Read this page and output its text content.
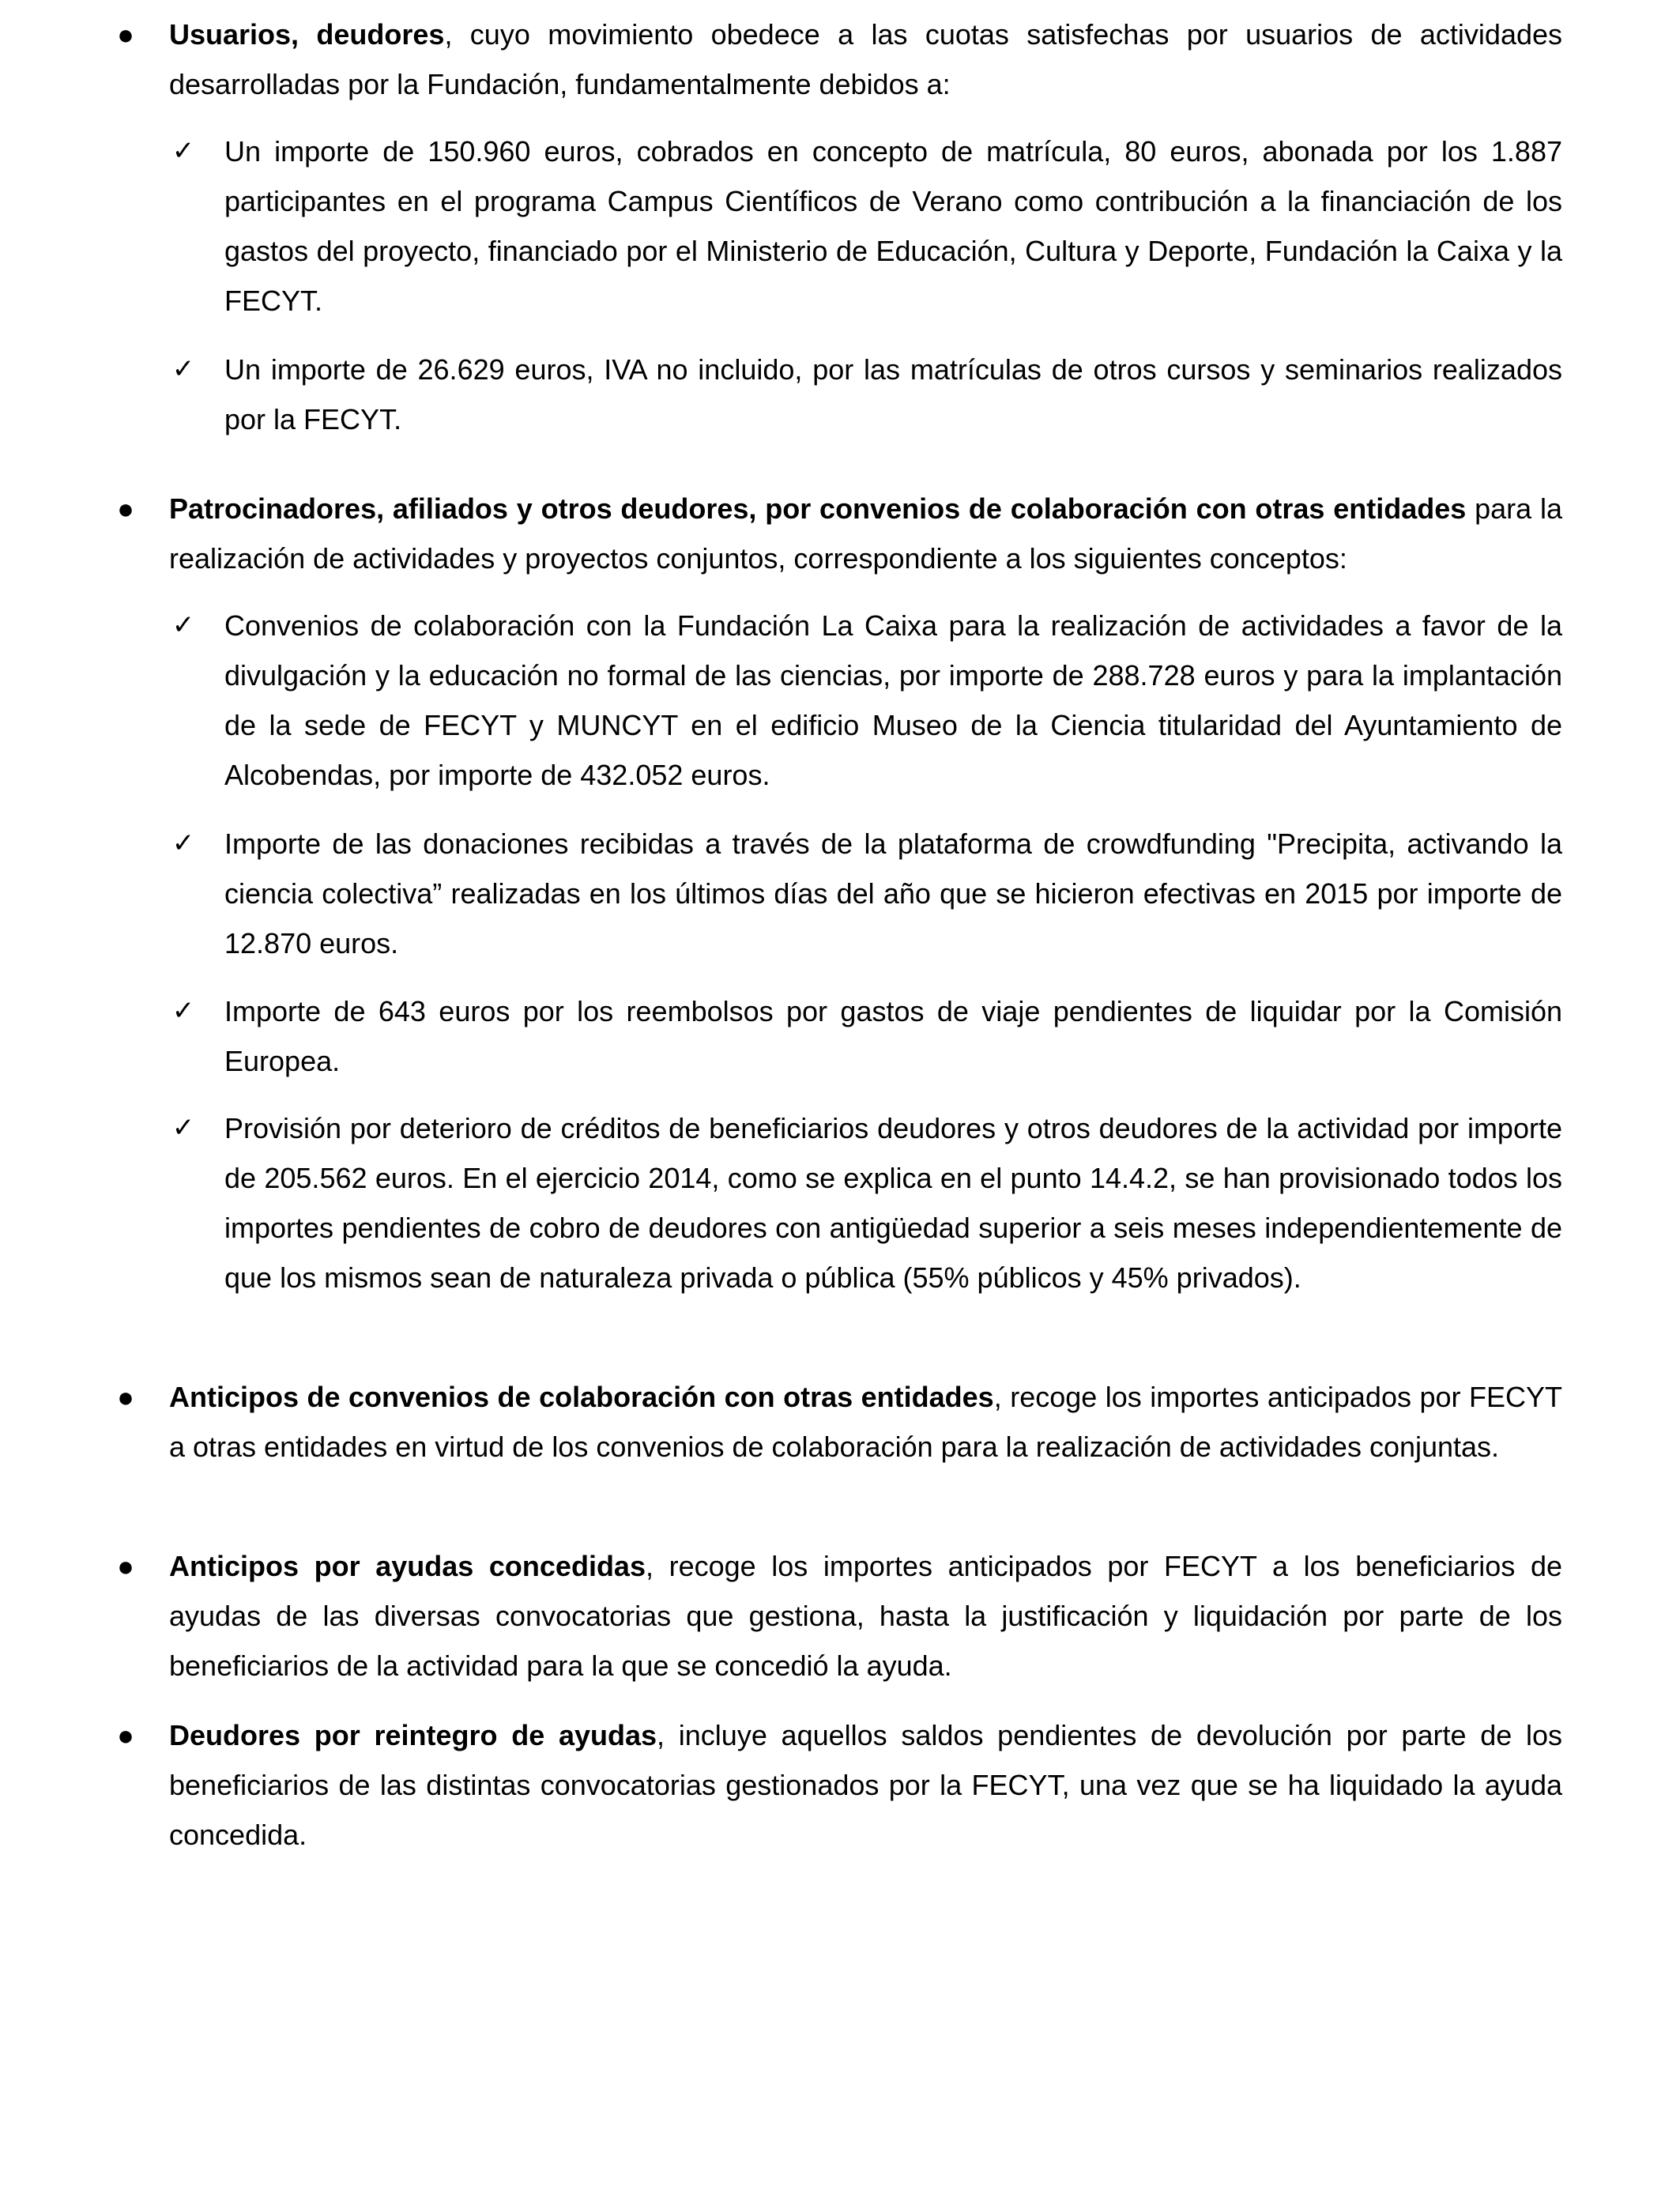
● Usuarios, deudores, cuyo movimiento obedece a las cuotas satisfechas por usuarios de actividades desarrolladas por la Fundación, fundamentalmente debidos a:
✓ Un importe de 150.960 euros, cobrados en concepto de matrícula, 80 euros, abonada por los 1.887 participantes en el programa Campus Científicos de Verano como contribución a la financiación de los gastos del proyecto, financiado por el Ministerio de Educación, Cultura y Deporte, Fundación la Caixa y la FECYT.
✓ Un importe de 26.629 euros, IVA no incluido, por las matrículas de otros cursos y seminarios realizados por la FECYT.
● Patrocinadores, afiliados y otros deudores, por convenios de colaboración con otras entidades para la realización de actividades y proyectos conjuntos, correspondiente a los siguientes conceptos:
✓ Convenios de colaboración con la Fundación La Caixa para la realización de actividades a favor de la divulgación y la educación no formal de las ciencias, por importe de 288.728 euros y para la implantación de la sede de FECYT y MUNCYT en el edificio Museo de la Ciencia titularidad del Ayuntamiento de Alcobendas, por importe de 432.052 euros.
✓ Importe de las donaciones recibidas a través de la plataforma de crowdfunding "Precipita, activando la ciencia colectiva” realizadas en los últimos días del año que se hicieron efectivas en 2015 por importe de 12.870 euros.
✓ Importe de 643 euros por los reembolsos por gastos de viaje pendientes de liquidar por la Comisión Europea.
✓ Provisión por deterioro de créditos de beneficiarios deudores y otros deudores de la actividad por importe de 205.562 euros. En el ejercicio 2014, como se explica en el punto 14.4.2, se han provisionado todos los importes pendientes de cobro de deudores con antigüedad superior a seis meses independientemente de que los mismos sean de naturaleza privada o pública (55% públicos y 45% privados).
● Anticipos de convenios de colaboración con otras entidades, recoge los importes anticipados por FECYT a otras entidades en virtud de los convenios de colaboración para la realización de actividades conjuntas.
● Anticipos por ayudas concedidas, recoge los importes anticipados por FECYT a los beneficiarios de ayudas de las diversas convocatorias que gestiona, hasta la justificación y liquidación por parte de los beneficiarios de la actividad para la que se concedió la ayuda.
● Deudores por reintegro de ayudas, incluye aquellos saldos pendientes de devolución por parte de los beneficiarios de las distintas convocatorias gestionados por la FECYT, una vez que se ha liquidado la ayuda concedida.
